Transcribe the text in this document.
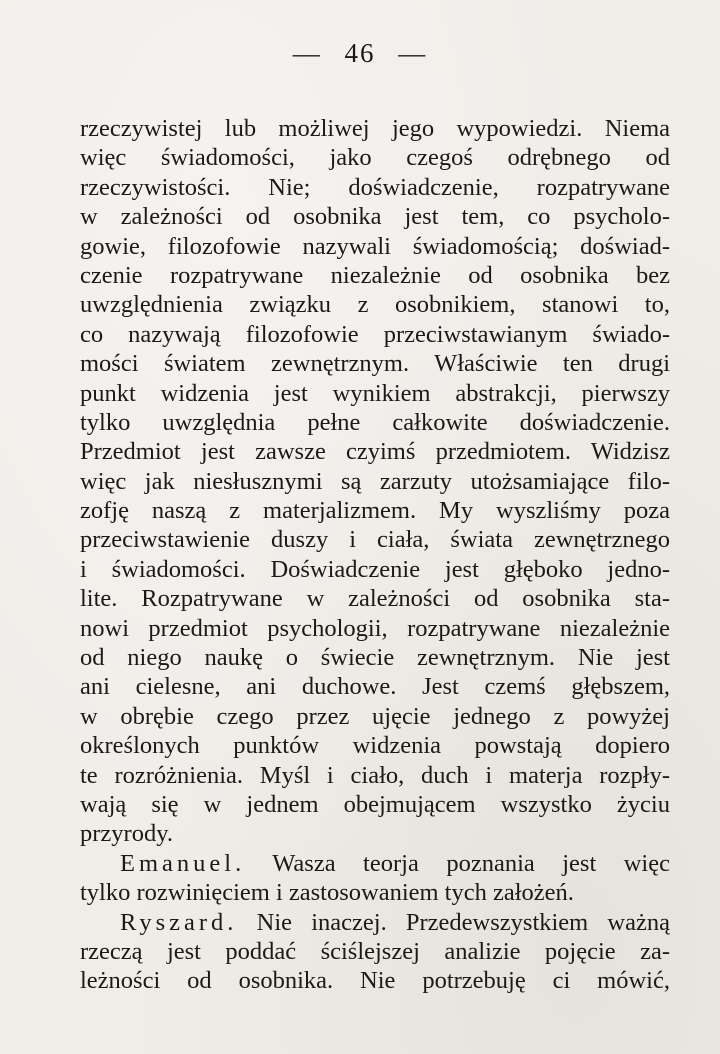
— 46 —
rzeczywistej lub możliwej jego wypowiedzi. Niema
więc świadomości, jako czegoś odrębnego od
rzeczywistości. Nie; doświadczenie, rozpatrywane
w zależności od osobnika jest tem, co psycholo-
gowie, filozofowie nazywali świadomością; doświad-
czenie rozpatrywane niezależnie od osobnika bez
uwzględnienia związku z osobnikiem, stanowi to,
co nazywają filozofowie przeciwstawianym świado-
mości światem zewnętrznym. Właściwie ten drugi
punkt widzenia jest wynikiem abstrakcji, pierwszy
tylko uwzględnia pełne całkowite doświadczenie.
Przedmiot jest zawsze czyimś przedmiotem. Widzisz
więc jak niesłusznymi są zarzuty utożsamiające filo-
zofję naszą z materjalizmem. My wyszliśmy poza
przeciwstawienie duszy i ciała, świata zewnętrznego
i świadomości. Doświadczenie jest głęboko jedno-
lite. Rozpatrywane w zależności od osobnika sta-
nowi przedmiot psychologii, rozpatrywane niezależnie
od niego naukę o świecie zewnętrznym. Nie jest
ani cielesne, ani duchowe. Jest czemś głębszem,
w obrębie czego przez ujęcie jednego z powyżej
określonych punktów widzenia powstają dopiero
te rozróżnienia. Myśl i ciało, duch i materja rozpły-
wają się w jednem obejmującem wszystko życiu
przyrody.
Emanuel. Wasza teorja poznania jest więc
tylko rozwinięciem i zastosowaniem tych założeń.
Ryszard. Nie inaczej. Przedewszystkiem ważną
rzeczą jest poddać ściślejszej analizie pojęcie za-
leżności od osobnika. Nie potrzebuję ci mówić,
